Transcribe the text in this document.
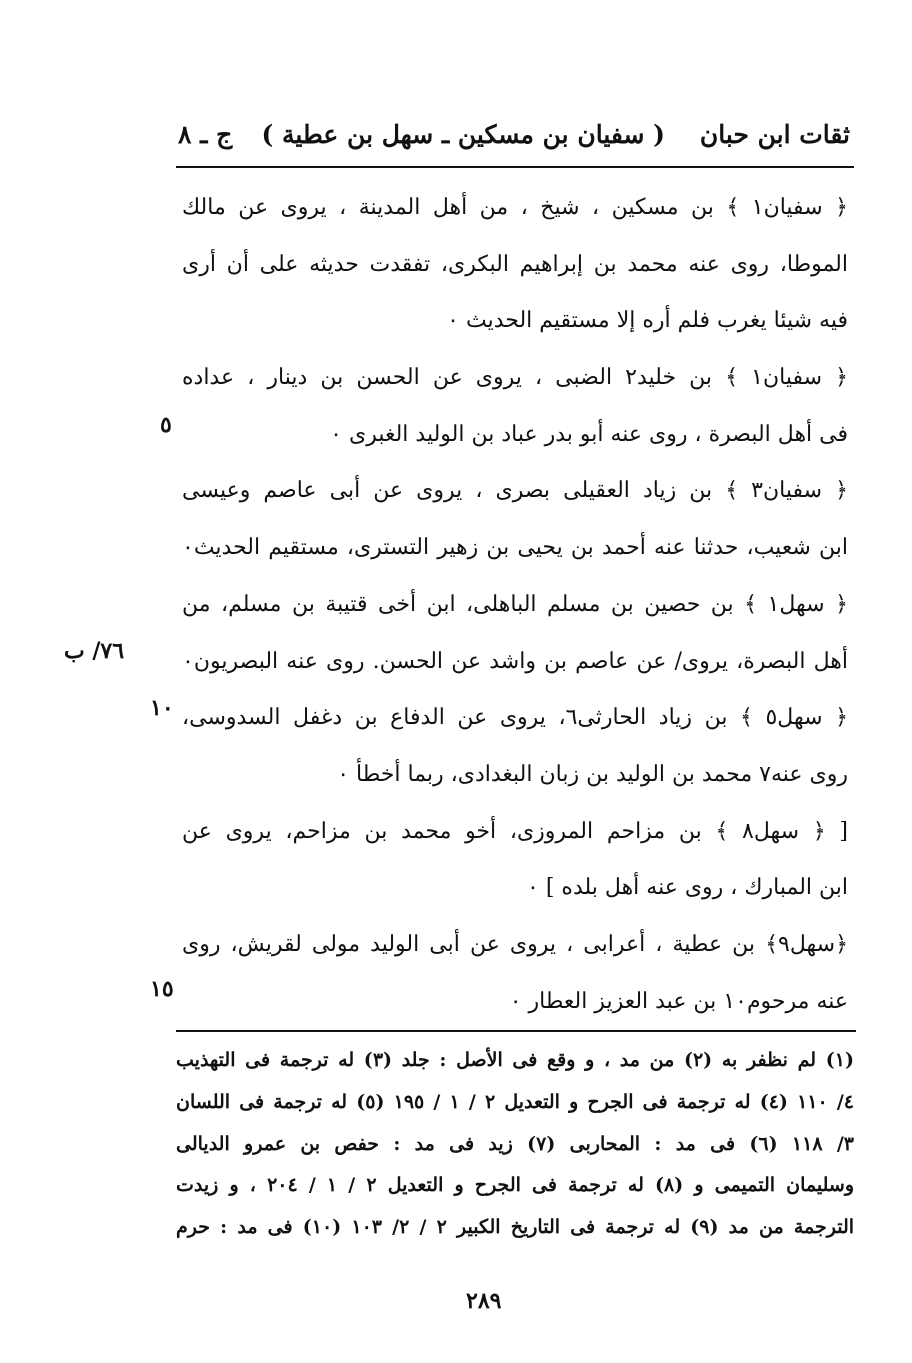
ثقات ابن حبان
( سفيان بن مسكين ـ سهل بن عطية )
ج ـ ٨
﴿ سفيان١ ﴾ بن مسكين ، شيخ ، من أهل المدينة ، يروى عن مالك
الموطا، روى عنه محمد بن إبراهيم البكرى، تفقدت حديثه على أن أرى
فيه شيئا يغرب فلم أره إلا مستقيم الحديث ٠
﴿ سفيان١ ﴾ بن خليد٢ الضبى ، يروى عن الحسن بن دينار ، عداده
فى أهل البصرة ، روى عنه أبو بدر عباد بن الوليد الغبرى ٠
﴿ سفيان٣ ﴾ بن زياد العقيلى بصرى ، يروى عن أبى عاصم وعيسى
ابن شعيب، حدثنا عنه أحمد بن يحيى بن زهير التسترى، مستقيم الحديث٠
﴿ سهل١ ﴾ بن حصين بن مسلم الباهلى، ابن أخى قتيبة بن مسلم، من
أهل البصرة، يروى/ عن عاصم بن واشد عن الحسن. روى عنه البصريون٠
﴿ سهل٥ ﴾ بن زياد الحارثى٦، يروى عن الدفاع بن دغفل السدوسى،
روى عنه٧ محمد بن الوليد بن زبان البغدادى، ربما أخطأ ٠
[ ﴿ سهل٨ ﴾ بن مزاحم المروزى، أخو محمد بن مزاحم، يروى عن
ابن المبارك ، روى عنه أهل بلده ] ٠
﴿سهل٩﴾ بن عطية ، أعرابى ، يروى عن أبى الوليد مولى لقريش، روى
عنه مرحوم١٠ بن عبد العزيز العطار ٠
٥
٧٦/ ب
١٠
١٥
(١) لم نظفر به (٢) من مد ، و وقع فى الأصل : جلد (٣) له ترجمة فى التهذيب
٤/ ١١٠ (٤) له ترجمة فى الجرح و التعديل ٢ / ١ / ١٩٥ (٥) له ترجمة فى اللسان
٣/ ١١٨ (٦) فى مد : المحاربى (٧) زيد فى مد : حفص بن عمرو الديالى
وسليمان التميمى و (٨) له ترجمة فى الجرح و التعديل ٢ / ١ / ٢٠٤ ، و زيدت
الترجمة من مد (٩) له ترجمة فى التاريخ الكبير ٢ / ٢/ ١٠٣ (١٠) فى مد : حرم
٢٨٩
